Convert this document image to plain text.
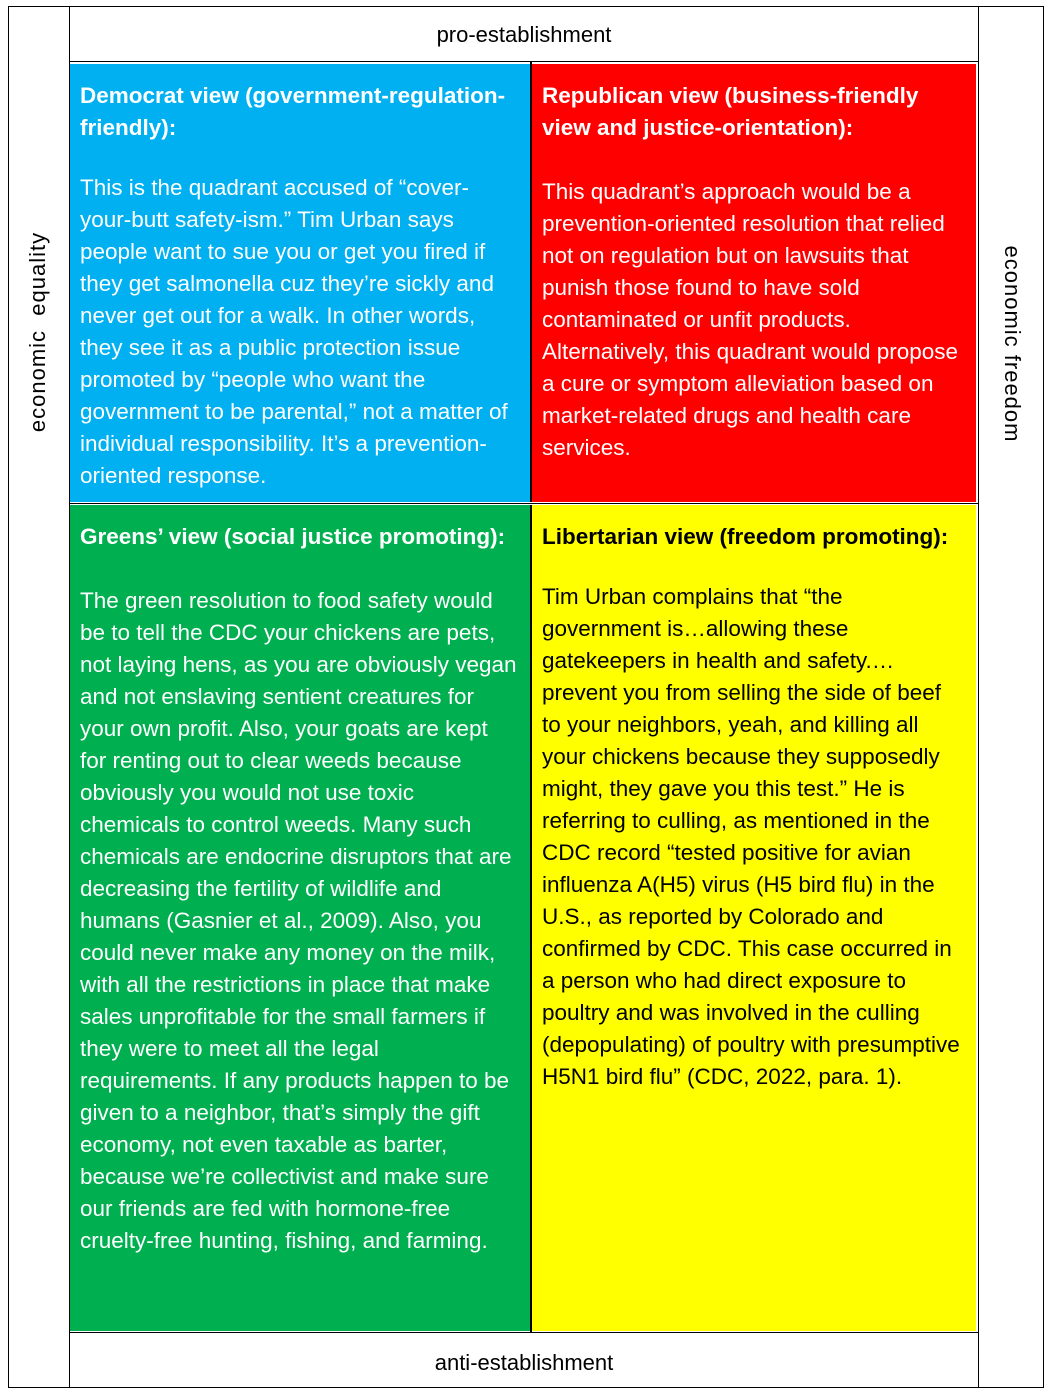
pro-establishment
anti-establishment
economic  equality	economic freedom

Democrat view (government-regulation-friendly):

This is the quadrant accused of “cover-your-butt safety-ism.” Tim Urban says people want to sue you or get you fired if they get salmonella cuz they’re sickly and never get out for a walk. In other words, they see it as a public protection issue promoted by “people who want the government to be parental,” not a matter of individual responsibility. It’s a prevention-oriented response.

Republican view (business-friendly view and justice-orientation):

This quadrant’s approach would be a prevention-oriented resolution that relied not on regulation but on lawsuits that punish those found to have sold contaminated or unfit products. Alternatively, this quadrant would propose a cure or symptom alleviation based on market-related drugs and health care services.

Greens’ view (social justice promoting):

The green resolution to food safety would be to tell the CDC your chickens are pets, not laying hens, as you are obviously vegan and not enslaving sentient creatures for your own profit. Also, your goats are kept for renting out to clear weeds because obviously you would not use toxic chemicals to control weeds. Many such chemicals are endocrine disruptors that are decreasing the fertility of wildlife and humans (Gasnier et al., 2009). Also, you could never make any money on the milk, with all the restrictions in place that make sales unprofitable for the small farmers if they were to meet all the legal requirements. If any products happen to be given to a neighbor, that’s simply the gift economy, not even taxable as barter, because we’re collectivist and make sure our friends are fed with hormone-free cruelty-free hunting, fishing, and farming.

Libertarian view (freedom promoting):

Tim Urban complains that “the government is…allowing these gatekeepers in health and safety.…prevent you from selling the side of beef to your neighbors, yeah, and killing all your chickens because they supposedly might, they gave you this test.” He is referring to culling, as mentioned in the CDC record “tested positive for avian influenza A(H5) virus (H5 bird flu) in the U.S., as reported by Colorado and confirmed by CDC. This case occurred in a person who had direct exposure to poultry and was involved in the culling (depopulating) of poultry with presumptive H5N1 bird flu” (CDC, 2022, para. 1).
